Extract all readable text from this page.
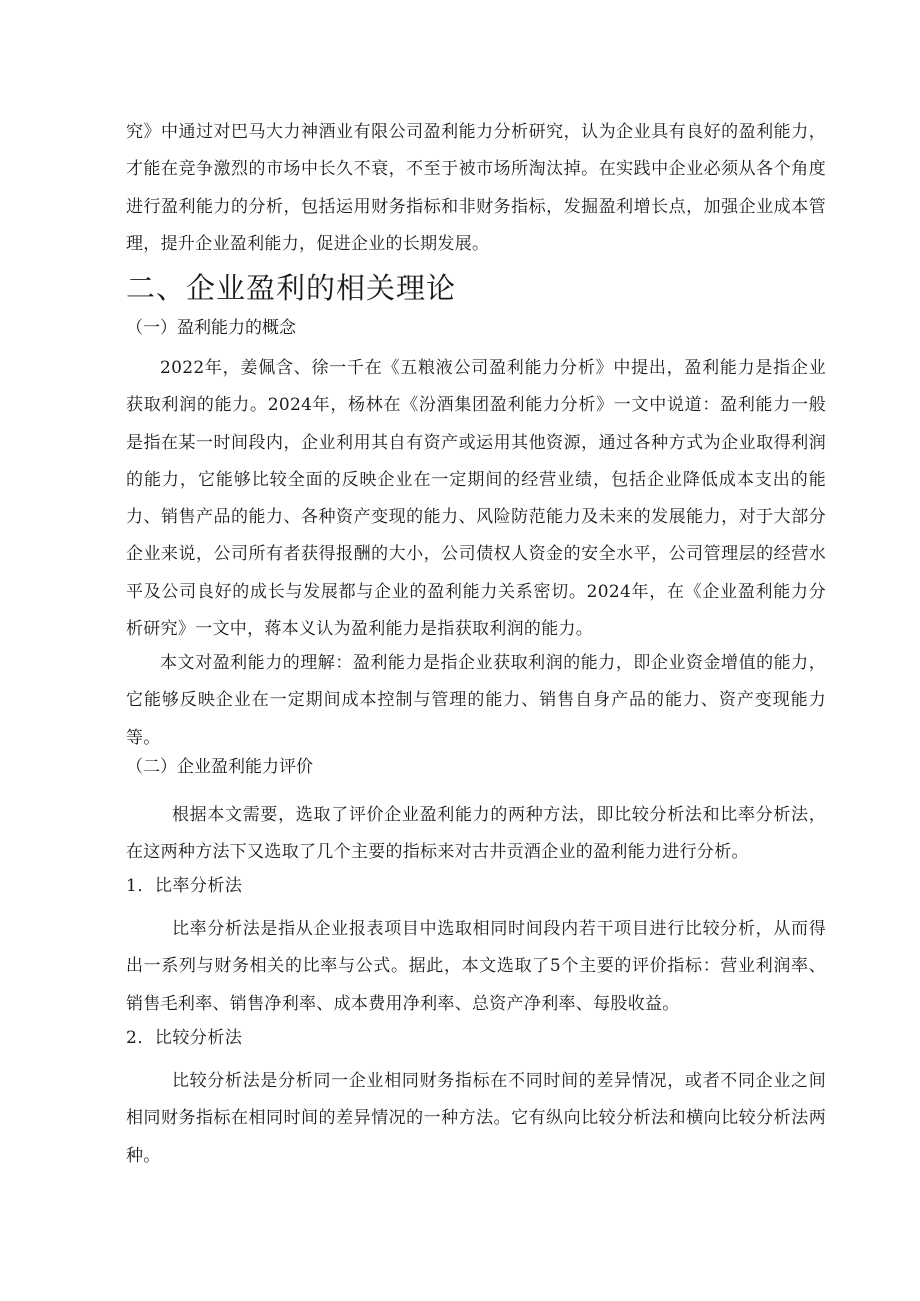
究》中通过对巴马大力神酒业有限公司盈利能力分析研究，认为企业具有良好的盈利能力，才能在竞争激烈的市场中长久不衰，不至于被市场所淘汰掉。在实践中企业必须从各个角度进行盈利能力的分析，包括运用财务指标和非财务指标，发掘盈利增长点，加强企业成本管理，提升企业盈利能力，促进企业的长期发展。

二、企业盈利的相关理论
（一）盈利能力的概念

2022年，姜佩含、徐一千在《五粮液公司盈利能力分析》中提出，盈利能力是指企业获取利润的能力。2024年，杨林在《汾酒集团盈利能力分析》一文中说道：盈利能力一般是指在某一时间段内，企业利用其自有资产或运用其他资源，通过各种方式为企业取得利润的能力，它能够比较全面的反映企业在一定期间的经营业绩，包括企业降低成本支出的能力、销售产品的能力、各种资产变现的能力、风险防范能力及未来的发展能力，对于大部分企业来说，公司所有者获得报酬的大小，公司债权人资金的安全水平，公司管理层的经营水平及公司良好的成长与发展都与企业的盈利能力关系密切。2024年，在《企业盈利能力分析研究》一文中，蒋本义认为盈利能力是指获取利润的能力。

本文对盈利能力的理解：盈利能力是指企业获取利润的能力，即企业资金增值的能力，它能够反映企业在一定期间成本控制与管理的能力、销售自身产品的能力、资产变现能力等。

（二）企业盈利能力评价

根据本文需要，选取了评价企业盈利能力的两种方法，即比较分析法和比率分析法，在这两种方法下又选取了几个主要的指标来对古井贡酒企业的盈利能力进行分析。

1．比率分析法

比率分析法是指从企业报表项目中选取相同时间段内若干项目进行比较分析，从而得出一系列与财务相关的比率与公式。据此，本文选取了5个主要的评价指标：营业利润率、销售毛利率、销售净利率、成本费用净利率、总资产净利率、每股收益。

2．比较分析法

比较分析法是分析同一企业相同财务指标在不同时间的差异情况，或者不同企业之间相同财务指标在相同时间的差异情况的一种方法。它有纵向比较分析法和横向比较分析法两种。
